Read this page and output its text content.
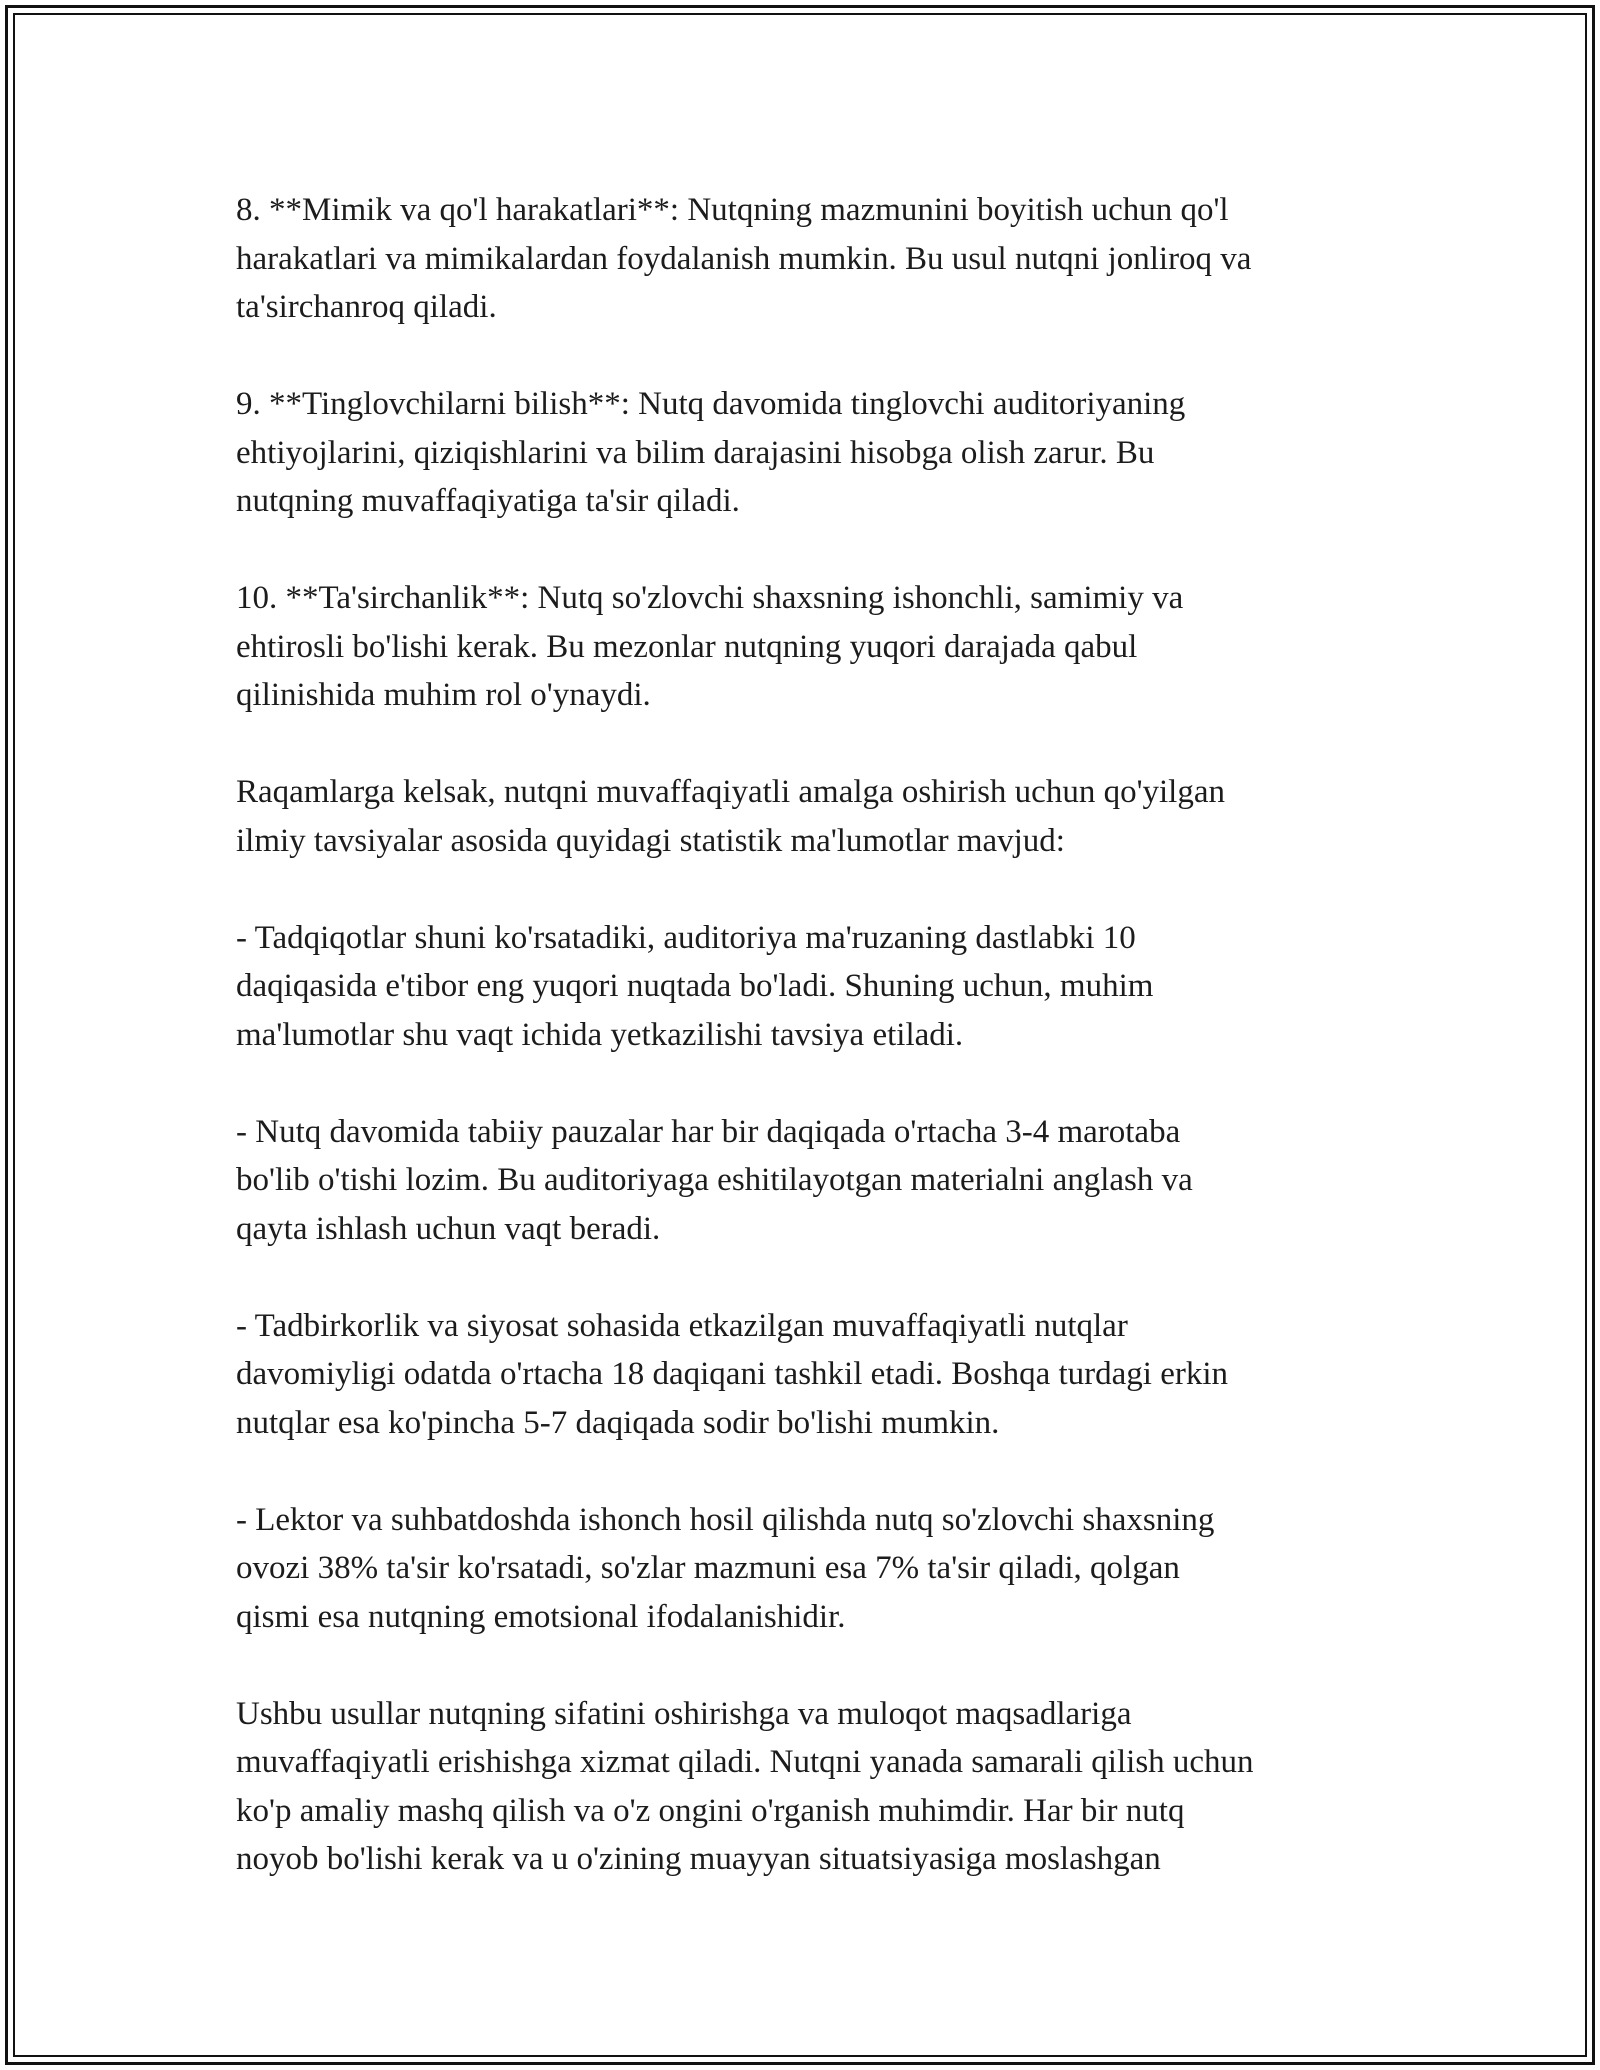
8. **Mimik va qo'l harakatlari**: Nutqning mazmunini boyitish uchun qo'l
harakatlari va mimikalardan foydalanish mumkin. Bu usul nutqni jonliroq va
ta'sirchanroq qiladi.

9. **Tinglovchilarni bilish**: Nutq davomida tinglovchi auditoriyaning
ehtiyojlarini, qiziqishlarini va bilim darajasini hisobga olish zarur. Bu
nutqning muvaffaqiyatiga ta'sir qiladi.

10. **Ta'sirchanlik**: Nutq so'zlovchi shaxsning ishonchli, samimiy va
ehtirosli bo'lishi kerak. Bu mezonlar nutqning yuqori darajada qabul
qilinishida muhim rol o'ynaydi.

Raqamlarga kelsak, nutqni muvaffaqiyatli amalga oshirish uchun qo'yilgan
ilmiy tavsiyalar asosida quyidagi statistik ma'lumotlar mavjud:

- Tadqiqotlar shuni ko'rsatadiki, auditoriya ma'ruzaning dastlabki 10
daqiqasida e'tibor eng yuqori nuqtada bo'ladi. Shuning uchun, muhim
ma'lumotlar shu vaqt ichida yetkazilishi tavsiya etiladi.

- Nutq davomida tabiiy pauzalar har bir daqiqada o'rtacha 3-4 marotaba
bo'lib o'tishi lozim. Bu auditoriyaga eshitilayotgan materialni anglash va
qayta ishlash uchun vaqt beradi.

- Tadbirkorlik va siyosat sohasida etkazilgan muvaffaqiyatli nutqlar
davomiyligi odatda o'rtacha 18 daqiqani tashkil etadi. Boshqa turdagi erkin
nutqlar esa ko'pincha 5-7 daqiqada sodir bo'lishi mumkin.

- Lektor va suhbatdoshda ishonch hosil qilishda nutq so'zlovchi shaxsning
ovozi 38% ta'sir ko'rsatadi, so'zlar mazmuni esa 7% ta'sir qiladi, qolgan
qismi esa nutqning emotsional ifodalanishidir.

Ushbu usullar nutqning sifatini oshirishga va muloqot maqsadlariga
muvaffaqiyatli erishishga xizmat qiladi. Nutqni yanada samarali qilish uchun
ko'p amaliy mashq qilish va o'z ongini o'rganish muhimdir. Har bir nutq
noyob bo'lishi kerak va u o'zining muayyan situatsiyasiga moslashgan
